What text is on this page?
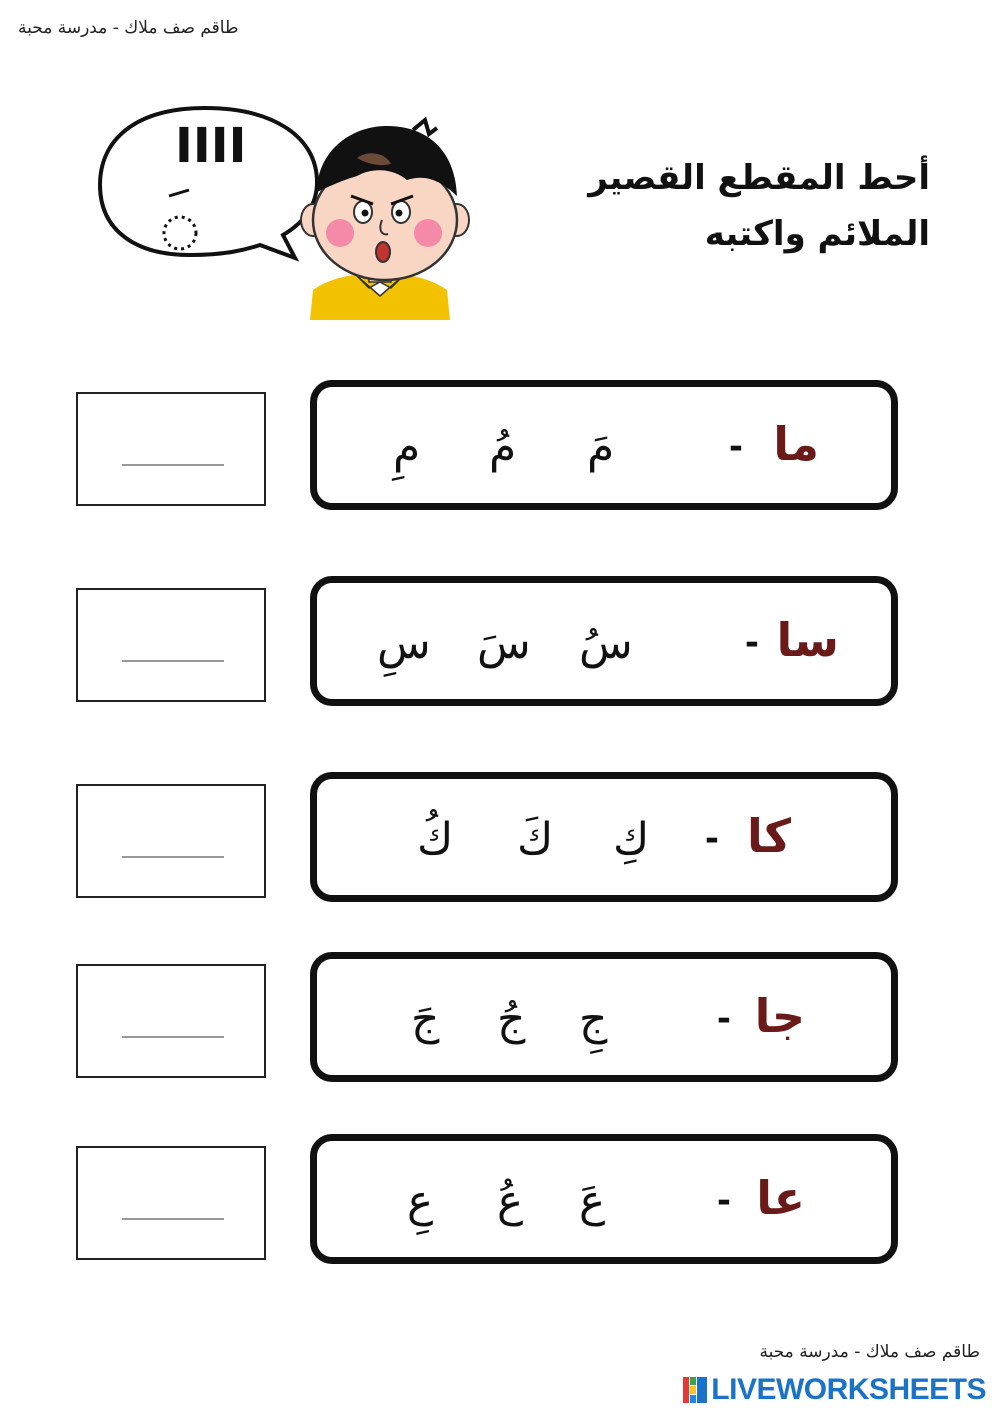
طاقم صف ملاك - مدرسة محبة
IIII
أحط المقطع القصير
الملائم واكتبه
ما
-
مَ
مُ
مِ
سا
-
سُ
سَ
سِ
كا
-
كِ
كَ
كُ
جا
-
جِ
جُ
جَ
عا
-
عَ
عُ
عِ
طاقم صف ملاك - مدرسة محبة
LIVEWORKSHEETS
